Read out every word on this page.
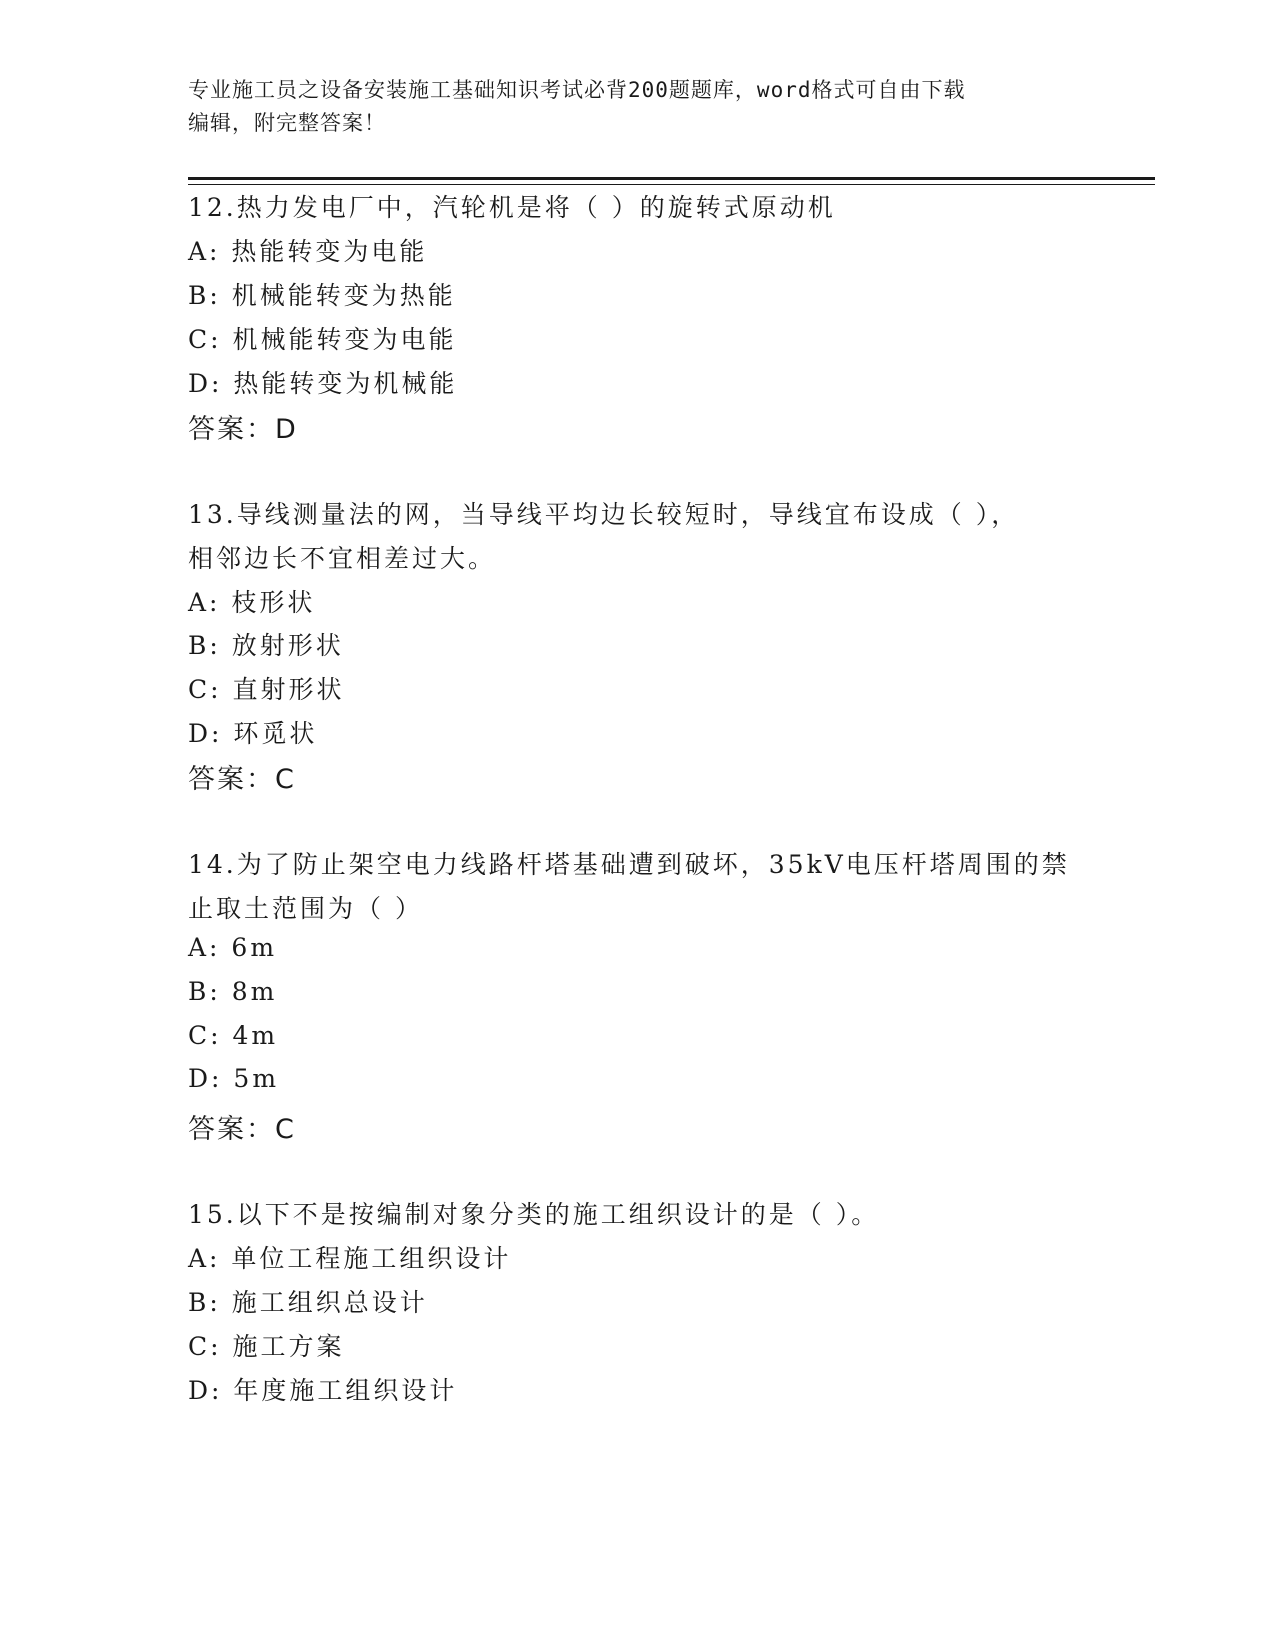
专业施工员之设备安装施工基础知识考试必背200题题库，word格式可自由下载
编辑，附完整答案！
12.热力发电厂中，汽轮机是将（ ）的旋转式原动机
A: 热能转变为电能
B: 机械能转变为热能
C: 机械能转变为电能
D: 热能转变为机械能
答案：D
13.导线测量法的网，当导线平均边长较短时，导线宜布设成（ ），
相邻边长不宜相差过大。
A: 枝形状
B: 放射形状
C: 直射形状
D: 环觅状
答案：C
14.为了防止架空电力线路杆塔基础遭到破坏，35kV电压杆塔周围的禁
止取土范围为（ ）
A: 6m
B: 8m
C: 4m
D: 5m
答案：C
15.以下不是按编制对象分类的施工组织设计的是（ ）。
A: 单位工程施工组织设计
B: 施工组织总设计
C: 施工方案
D: 年度施工组织设计
